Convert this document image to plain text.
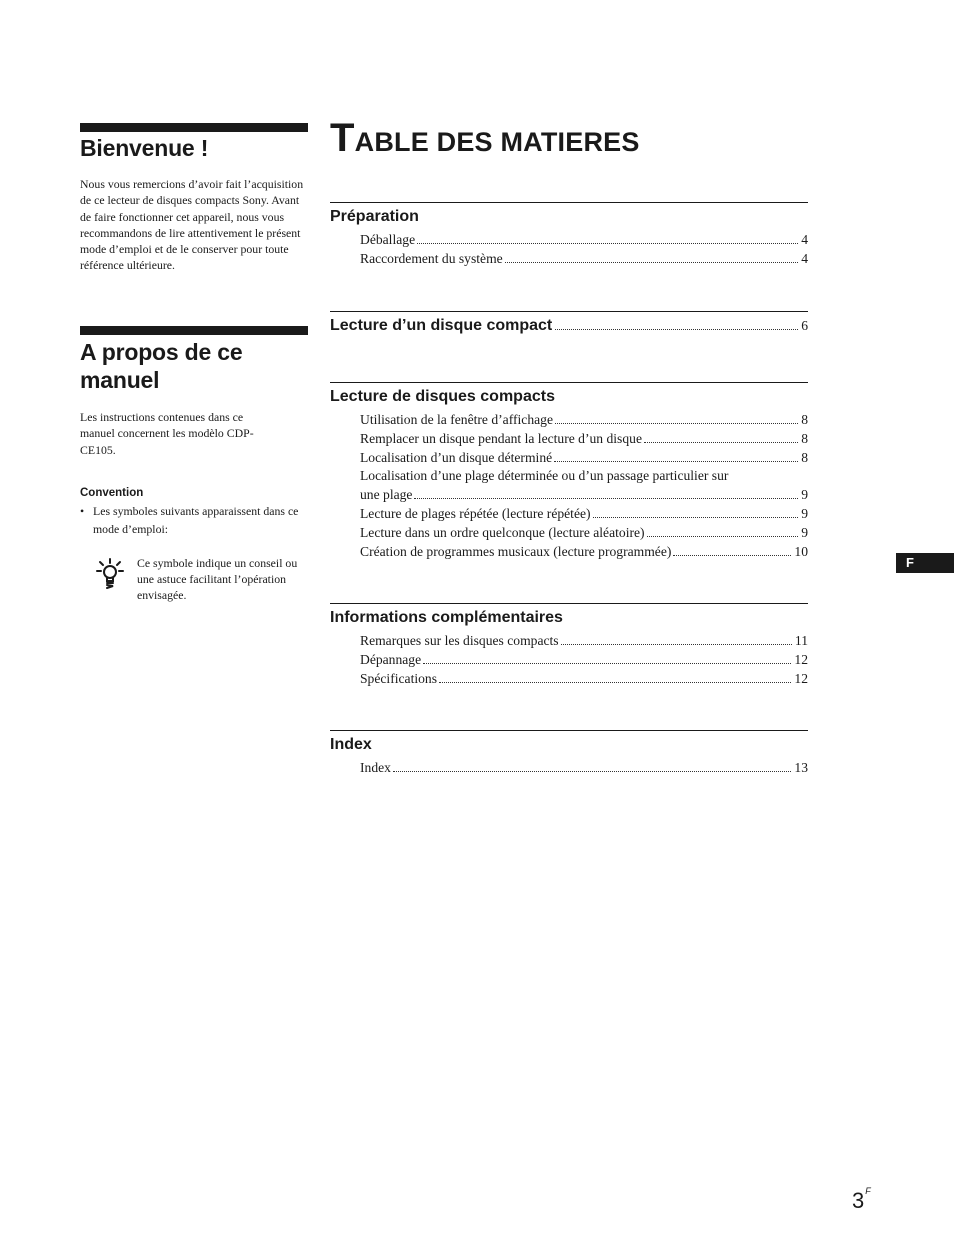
Bienvenue !

Nous vous remercions d’avoir fait l’acquisition de ce lecteur de disques compacts Sony. Avant de faire fonctionner cet appareil, nous vous recommandons de lire attentivement le présent mode d’emploi et de le conserver pour toute référence ultérieure.

A propos de ce manuel

Les instructions contenues dans ce manuel concernent les modèlo CDP-CE105.

Convention
• Les symboles suivants apparaissent dans ce mode d’emploi:

Ce symbole indique un conseil ou une astuce facilitant l’opération envisagée.

TABLE DES MATIERES
Préparation
Déballage	4
Raccordement du système	4
Lecture d’un disque compact	6
Lecture de disques compacts
Utilisation de la fenêtre d’affichage	8
Remplacer un disque pendant la lecture d’un disque	8
Localisation d’un disque déterminé	8
Localisation d’une plage déterminée ou d’un passage particulier sur
une plage	9
Lecture de plages répétée (lecture répétée)	9
Lecture dans un ordre quelconque (lecture aléatoire)	9
Création de programmes musicaux (lecture programmée)	10
Informations complémentaires
Remarques sur les disques compacts	11
Dépannage	12
Spécifications	12
Index
Index	13
F
$3^F$
